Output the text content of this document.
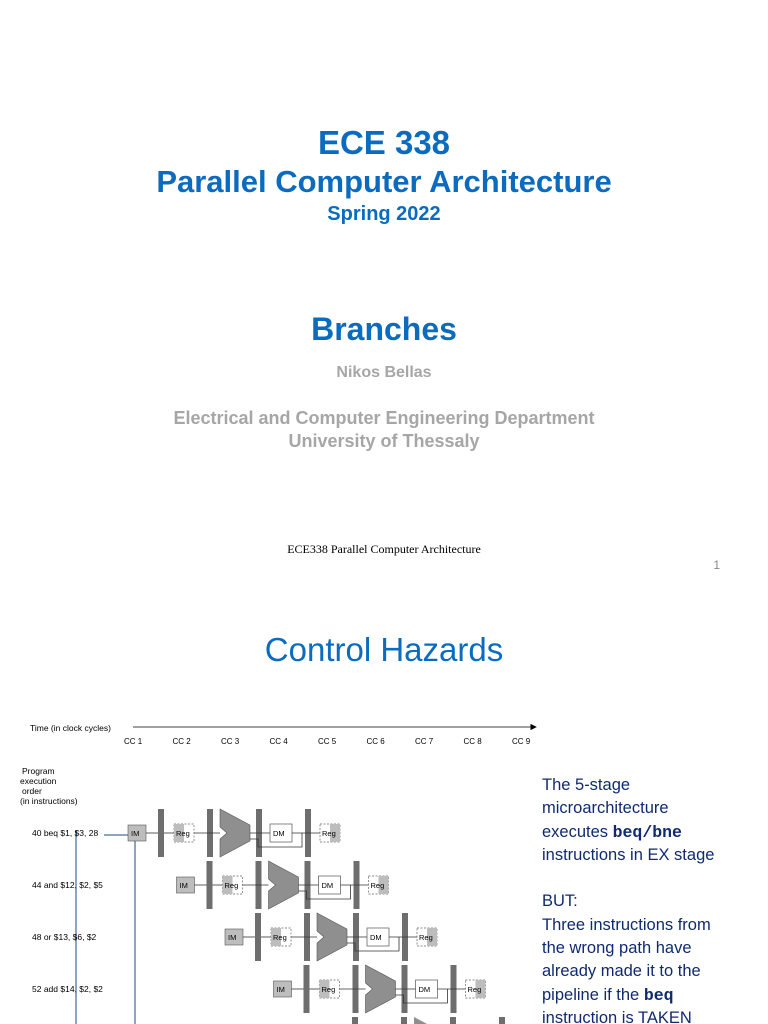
ECE 338
Parallel Computer Architecture
Spring 2022
Branches
Nikos Bellas
Electrical and Computer Engineering Department
University of Thessaly
ECE338 Parallel Computer Architecture
1
Control Hazards
Time (in clock cycles)
CC 1	CC 2	CC 3	CC 4	CC 5	CC 6	CC 7	CC 8	CC 9
Program
execution
order
(in instructions)
40 beq $1, $3, 28	IM	Reg	DM	Reg
44 and $12, $2, $5	IM	Reg	DM	Reg
48 or $13, $6, $2	IM	Reg	DM	Reg
52 add $14, $2, $2	IM	Reg	DM	Reg

The 5-stage

microarchitecture

executes beq/bne

instructions in EX stage

BUT:

Three instructions from

the wrong path have

already made it to the

pipeline if the beq

instruction is TAKEN
